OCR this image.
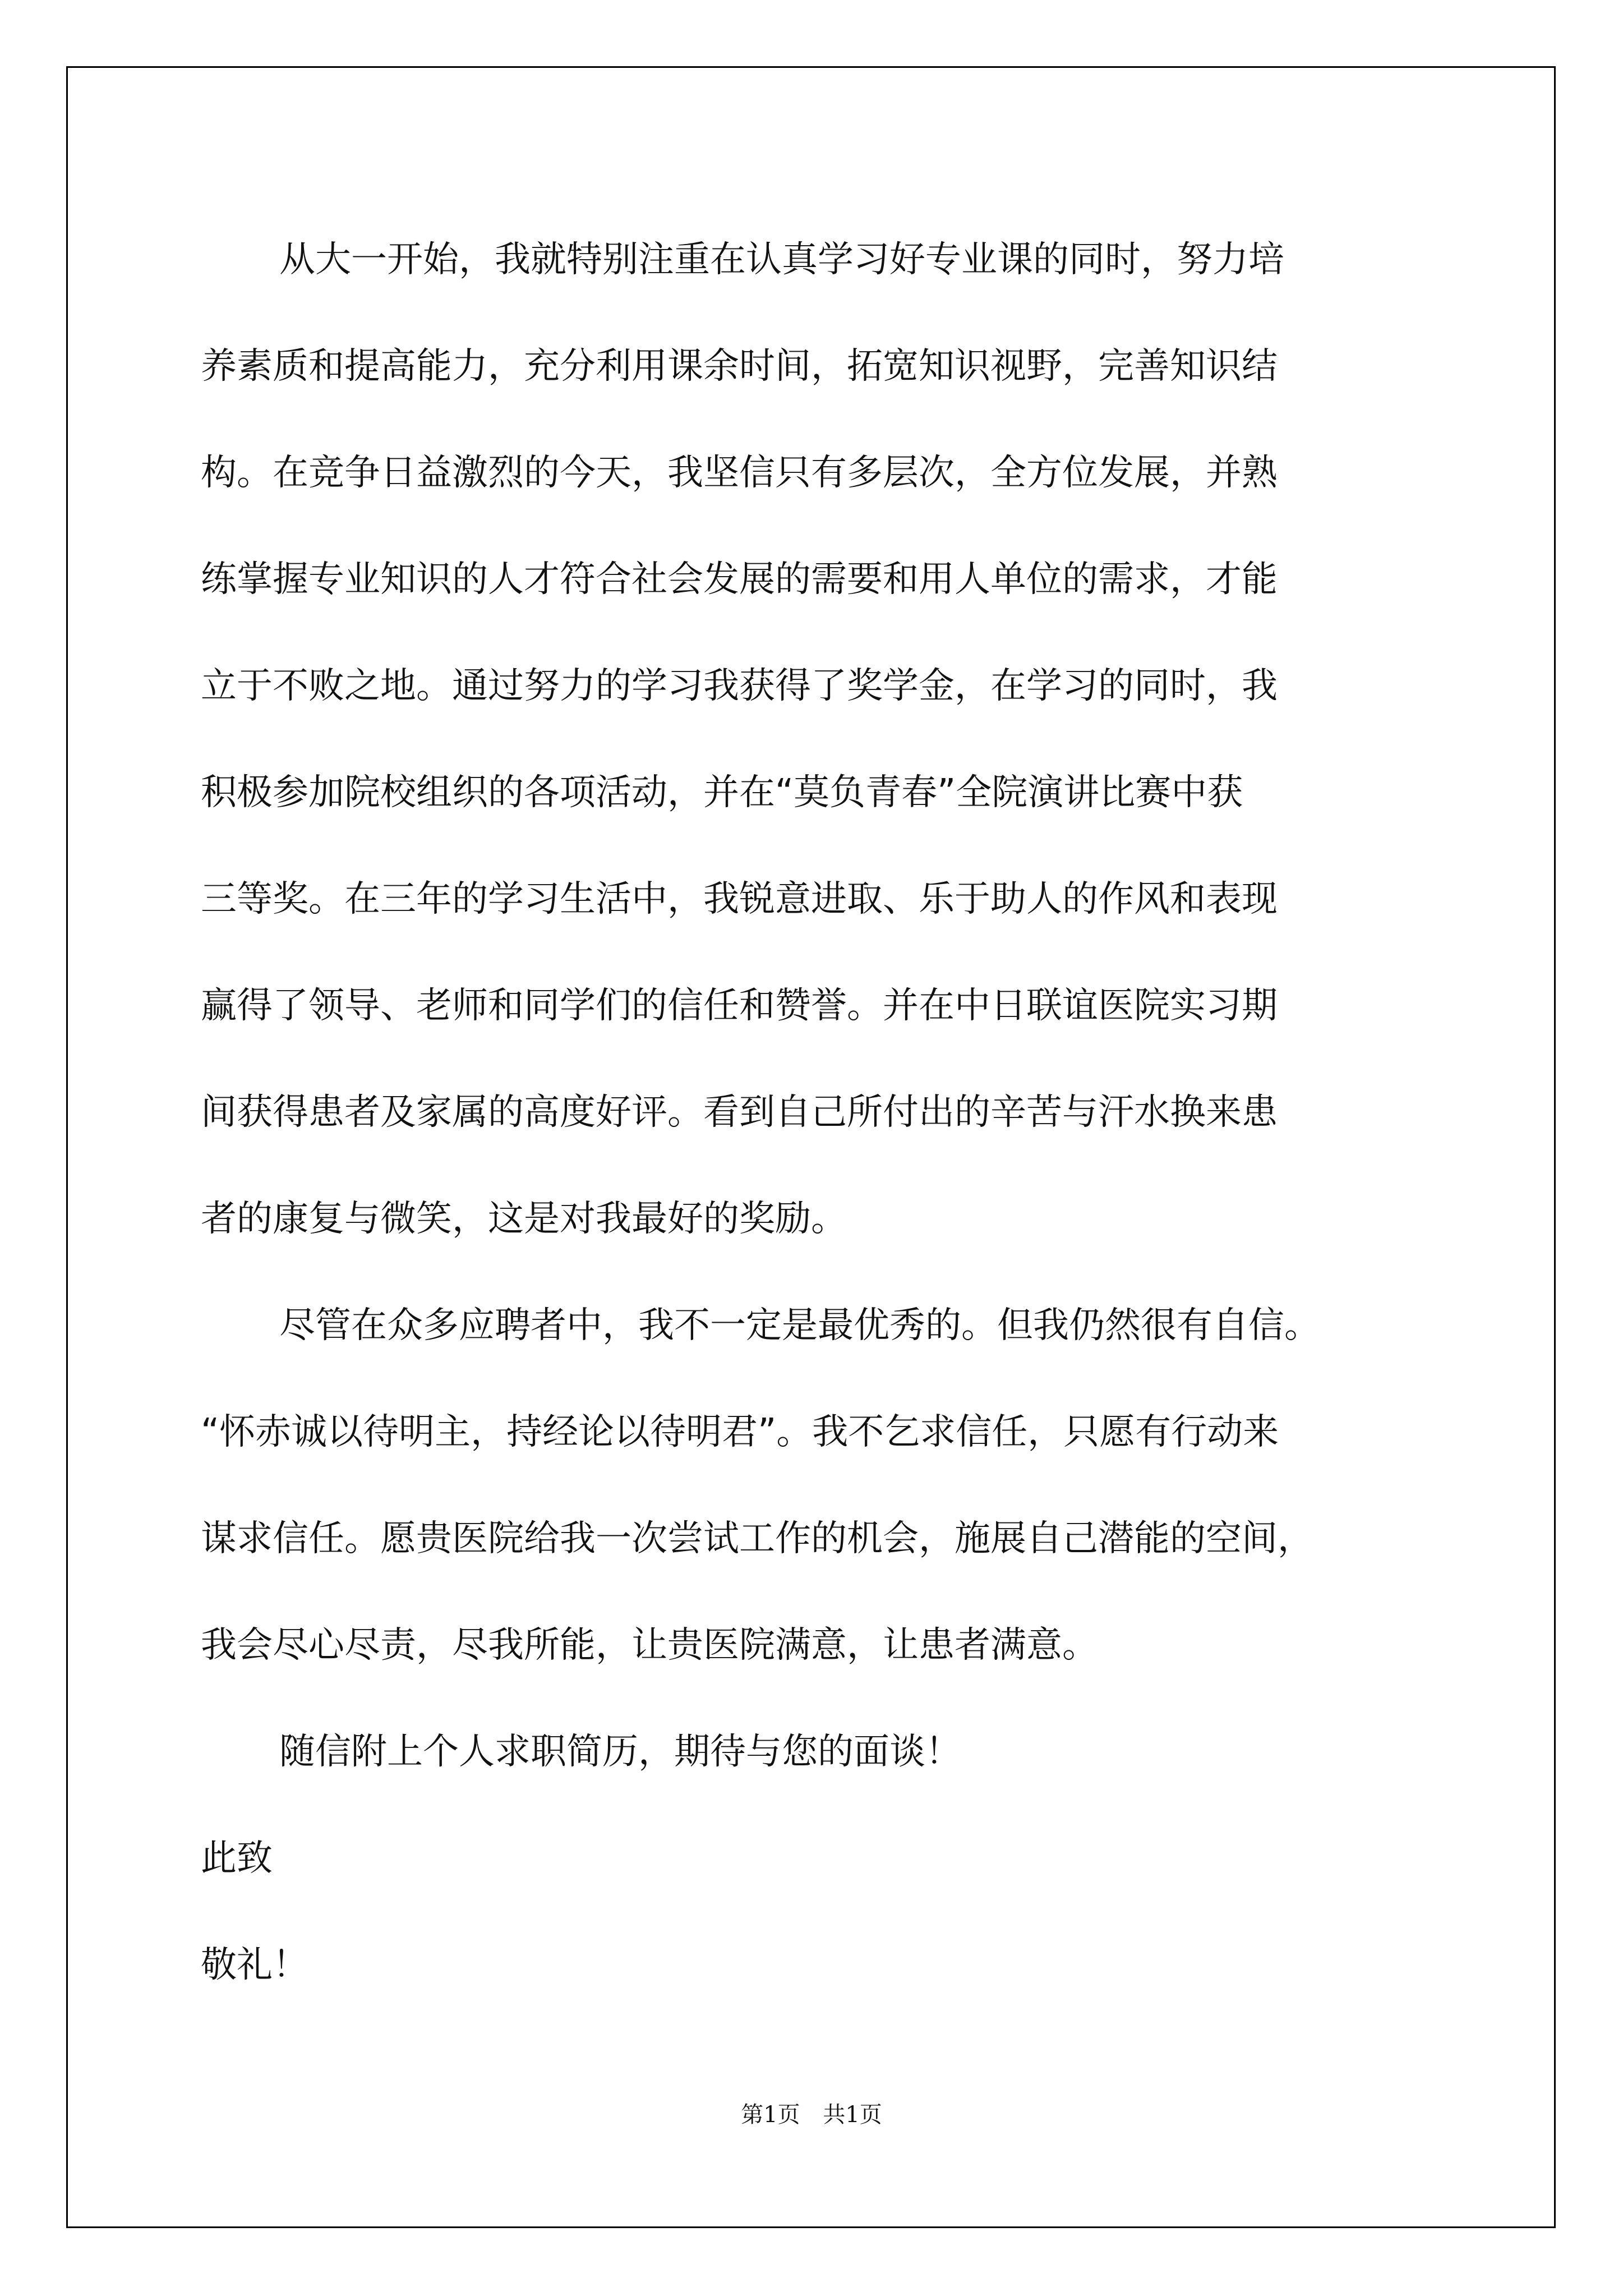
从大一开始，我就特别注重在认真学习好专业课的同时，努力培
养素质和提高能力，充分利用课余时间，拓宽知识视野，完善知识结
构。在竞争日益激烈的今天，我坚信只有多层次，全方位发展，并熟
练掌握专业知识的人才符合社会发展的需要和用人单位的需求，才能
立于不败之地。通过努力的学习我获得了奖学金，在学习的同时，我
积极参加院校组织的各项活动，并在“莫负青春”全院演讲比赛中获
三等奖。在三年的学习生活中，我锐意进取、乐于助人的作风和表现
赢得了领导、老师和同学们的信任和赞誉。并在中日联谊医院实习期
间获得患者及家属的高度好评。看到自己所付出的辛苦与汗水换来患
者的康复与微笑，这是对我最好的奖励。
尽管在众多应聘者中，我不一定是最优秀的。但我仍然很有自信。
“怀赤诚以待明主，持经论以待明君”。我不乞求信任，只愿有行动来
谋求信任。愿贵医院给我一次尝试工作的机会，施展自己潜能的空间，
我会尽心尽责，尽我所能，让贵医院满意，让患者满意。
随信附上个人求职简历，期待与您的面谈！
此致
敬礼！
第1页 共1页
